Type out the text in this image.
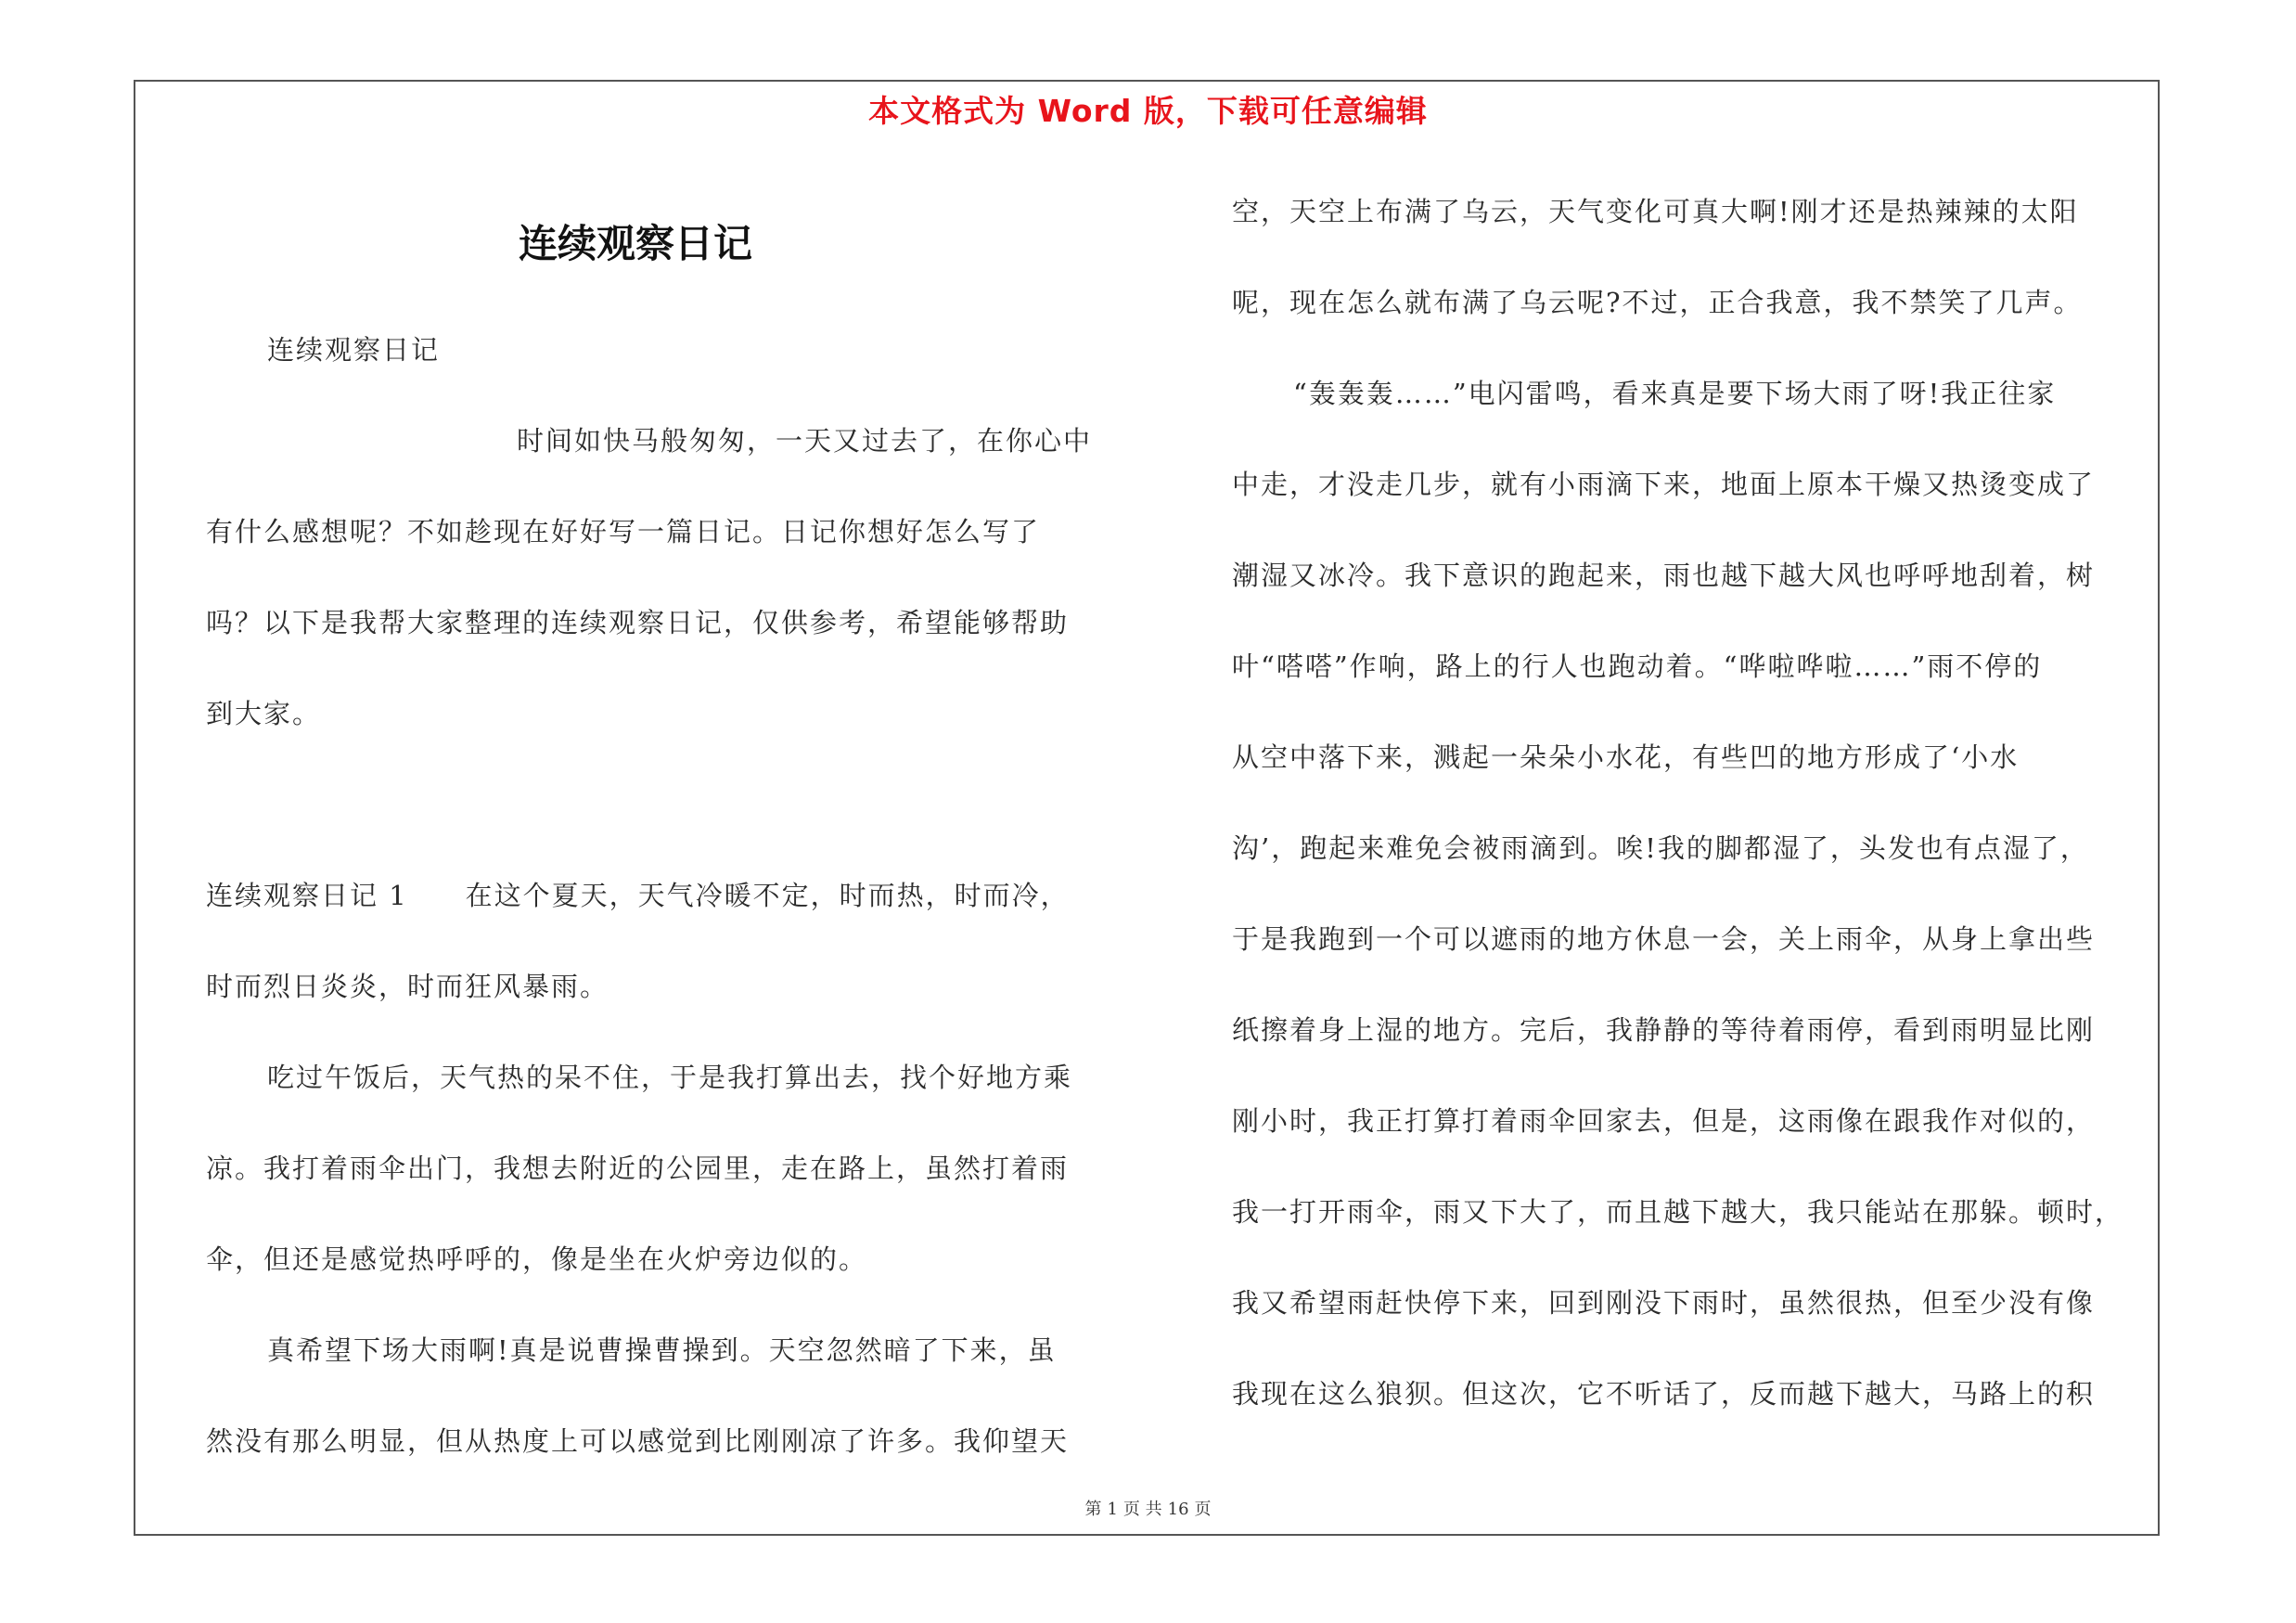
本文格式为 Word 版，下载可任意编辑
连续观察日记
连续观察日记
时间如快马般匆匆，一天又过去了，在你心中
有什么感想呢？不如趁现在好好写一篇日记。日记你想好怎么写了
吗？以下是我帮大家整理的连续观察日记，仅供参考，希望能够帮助
到大家。
连续观察日记 1　　在这个夏天，天气冷暖不定，时而热，时而冷，
时而烈日炎炎，时而狂风暴雨。
吃过午饭后，天气热的呆不住，于是我打算出去，找个好地方乘
凉。我打着雨伞出门，我想去附近的公园里，走在路上，虽然打着雨
伞，但还是感觉热呼呼的，像是坐在火炉旁边似的。
真希望下场大雨啊!真是说曹操曹操到。天空忽然暗了下来，虽
然没有那么明显，但从热度上可以感觉到比刚刚凉了许多。我仰望天
空，天空上布满了乌云，天气变化可真大啊!刚才还是热辣辣的太阳
呢，现在怎么就布满了乌云呢?不过，正合我意，我不禁笑了几声。
“轰轰轰……”电闪雷鸣，看来真是要下场大雨了呀!我正往家
中走，才没走几步，就有小雨滴下来，地面上原本干燥又热烫变成了
潮湿又冰冷。我下意识的跑起来，雨也越下越大风也呼呼地刮着，树
叶“嗒嗒”作响，路上的行人也跑动着。“哗啦哗啦……”雨不停的
从空中落下来，溅起一朵朵小水花，有些凹的地方形成了‘小水
沟’，跑起来难免会被雨滴到。唉!我的脚都湿了，头发也有点湿了，
于是我跑到一个可以遮雨的地方休息一会，关上雨伞，从身上拿出些
纸擦着身上湿的地方。完后，我静静的等待着雨停，看到雨明显比刚
刚小时，我正打算打着雨伞回家去，但是，这雨像在跟我作对似的，
我一打开雨伞，雨又下大了，而且越下越大，我只能站在那躲。顿时，
我又希望雨赶快停下来，回到刚没下雨时，虽然很热，但至少没有像
我现在这么狼狈。但这次，它不听话了，反而越下越大，马路上的积
第 1 页 共 16 页
